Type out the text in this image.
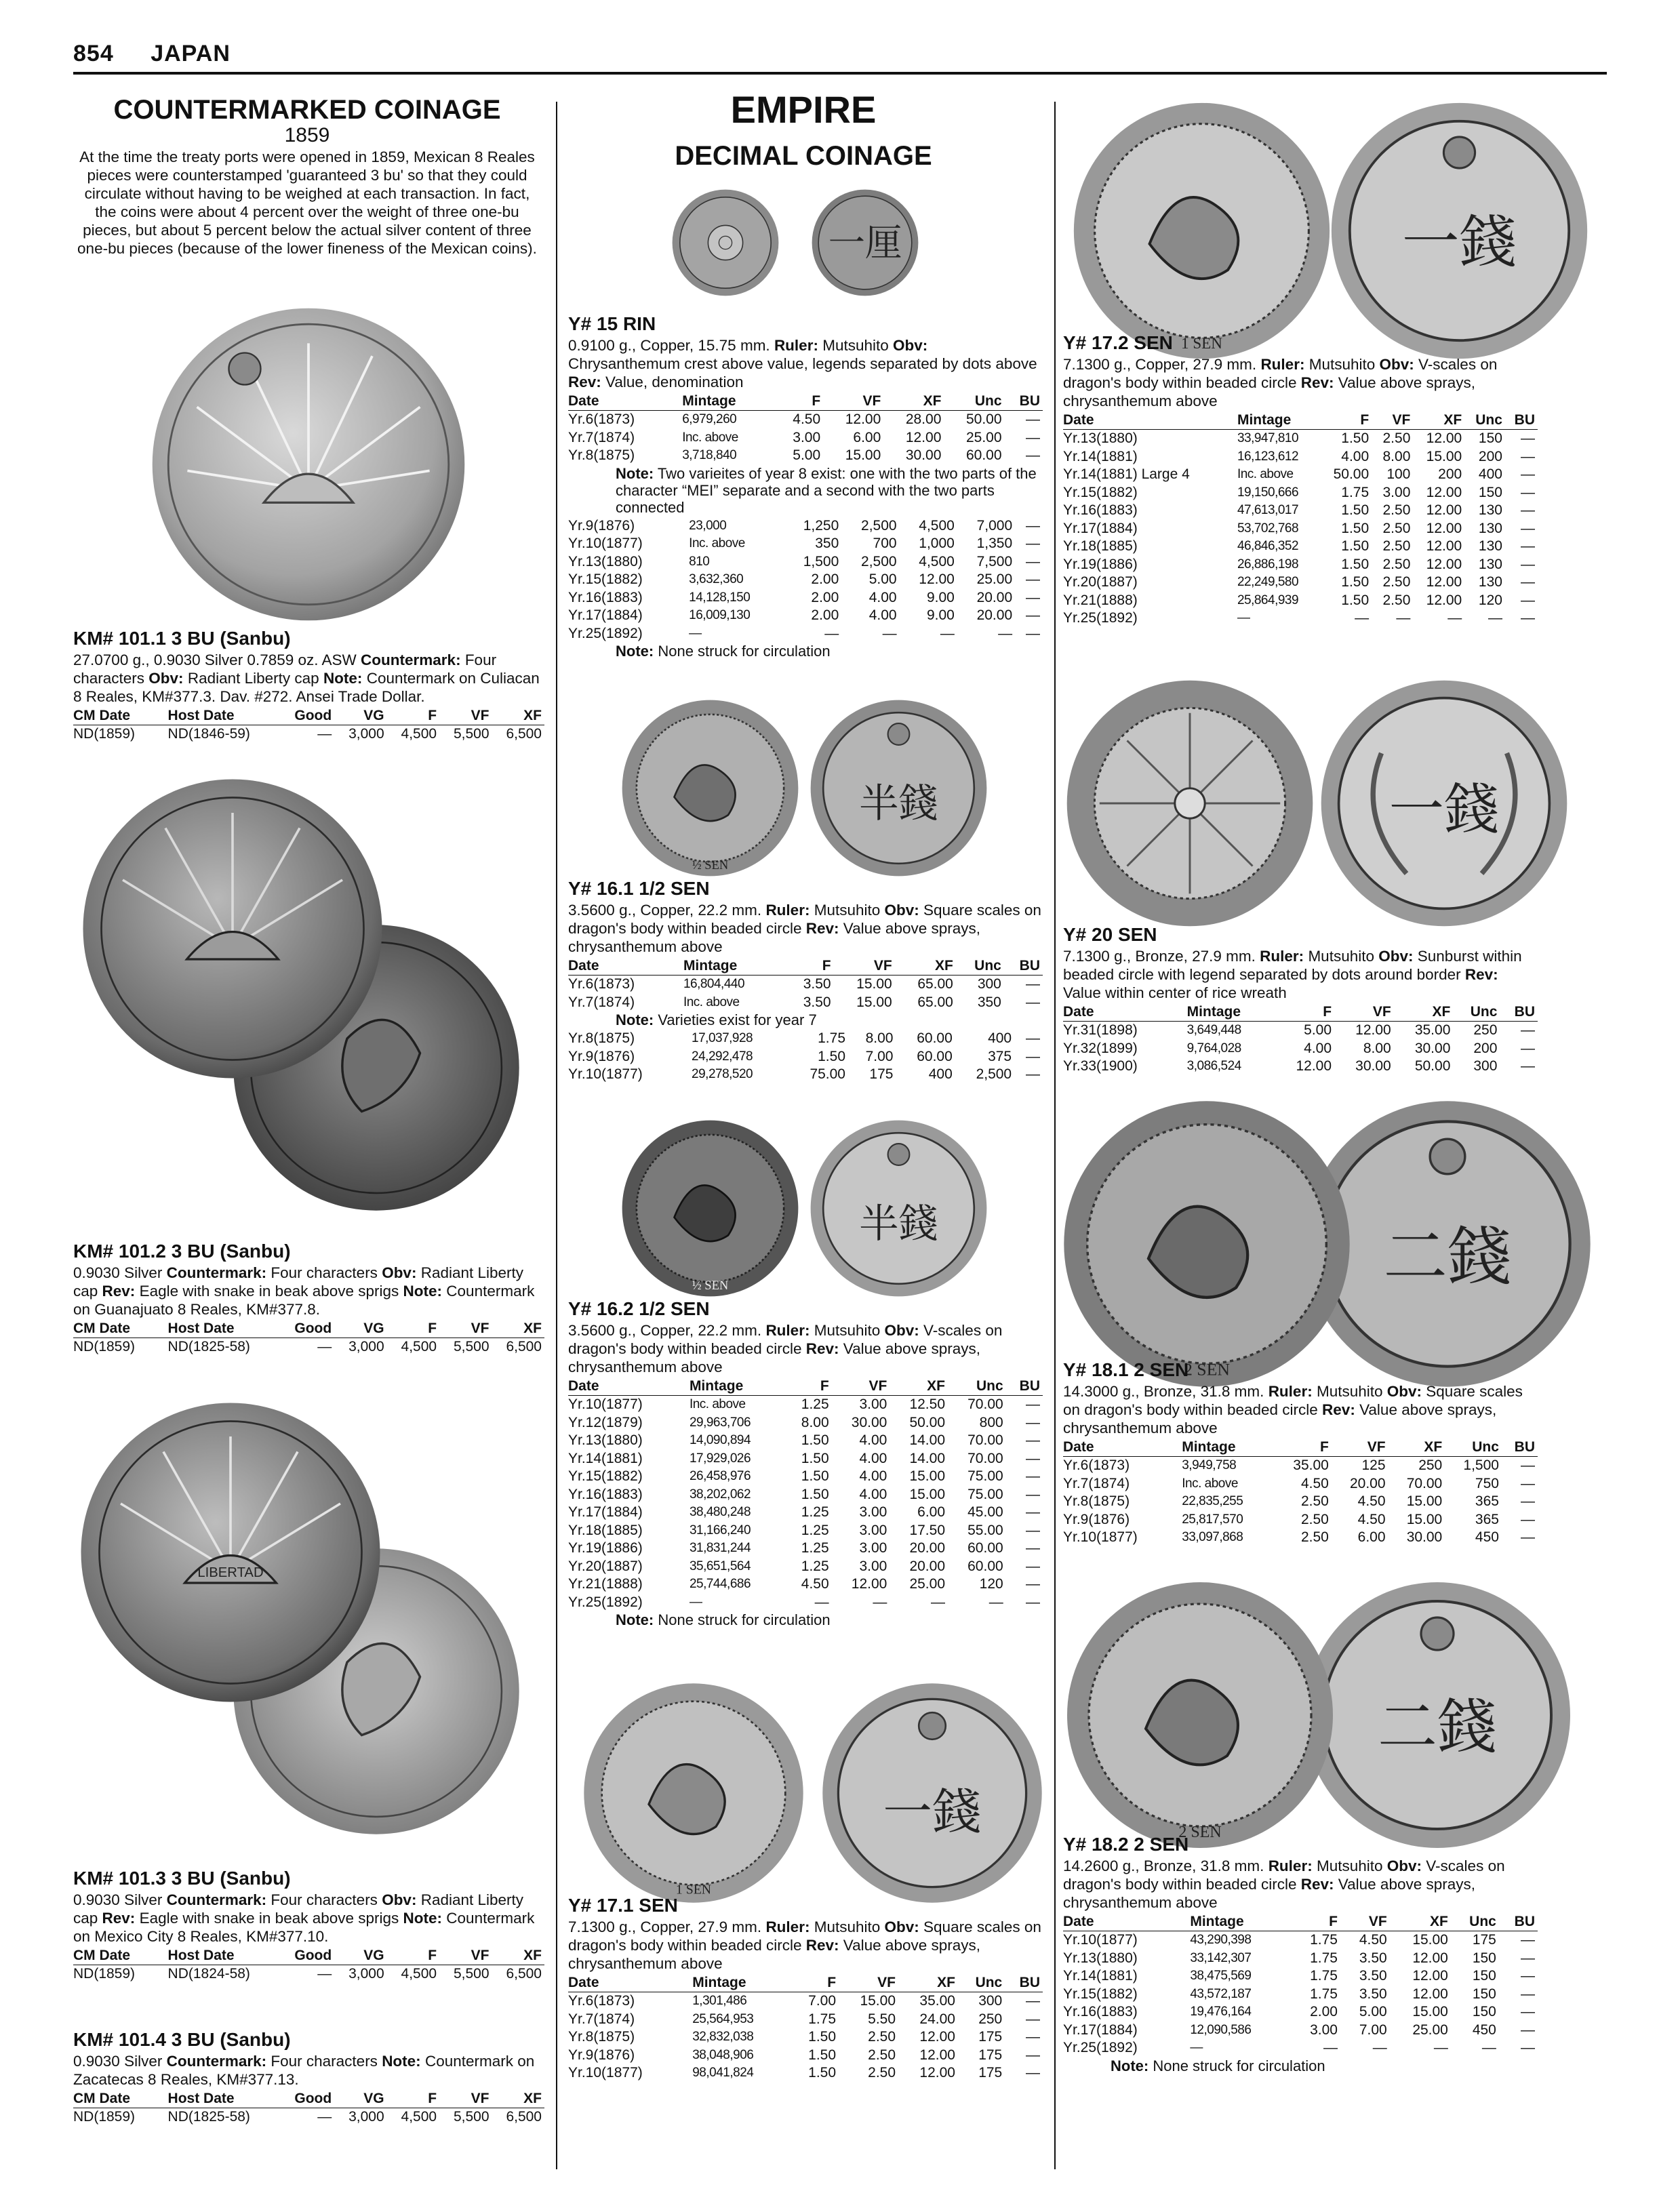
854 JAPAN
COUNTERMARKED COINAGE
1859
At the time the treaty ports were opened in 1859, Mexican 8 Reales pieces were counterstamped 'guaranteed 3 bu' so that they could circulate without having to be weighed at each transaction. In fact, the coins were about 4 percent over the weight of three one-bu pieces, but about 5 percent below the actual silver content of three one-bu pieces (because of the lower fineness of the Mexican coins).
KM# 101.1 3 BU (Sanbu)
27.0700 g., 0.9030 Silver 0.7859 oz. ASW Countermark: Four characters Obv: Radiant Liberty cap Note: Countermark on Culiacan 8 Reales, KM#377.3. Dav. #272. Ansei Trade Dollar.
CM Date	Host Date	Good	VG	F	VF	XF
ND(1859)	ND(1846-59)	—	3,000	4,500	5,500	6,500
KM# 101.2 3 BU (Sanbu)
0.9030 Silver Countermark: Four characters Obv: Radiant Liberty cap Rev: Eagle with snake in beak above sprigs Note: Countermark on Guanajuato 8 Reales, KM#377.8.
CM Date	Host Date	Good	VG	F	VF	XF
ND(1859)	ND(1825-58)	—	3,000	4,500	5,500	6,500
LIBERTAD
KM# 101.3 3 BU (Sanbu)
0.9030 Silver Countermark: Four characters Obv: Radiant Liberty cap Rev: Eagle with snake in beak above sprigs Note: Countermark on Mexico City 8 Reales, KM#377.10.
CM Date	Host Date	Good	VG	F	VF	XF
ND(1859)	ND(1824-58)	—	3,000	4,500	5,500	6,500
KM# 101.4 3 BU (Sanbu)
0.9030 Silver Countermark: Four characters Note: Countermark on Zacatecas 8 Reales, KM#377.13.
CM Date	Host Date	Good	VG	F	VF	XF
ND(1859)	ND(1825-58)	—	3,000	4,500	5,500	6,500
EMPIRE
DECIMAL COINAGE
一厘
Y# 15 RIN
0.9100 g., Copper, 15.75 mm. Ruler: Mutsuhito Obv: Chrysanthemum crest above value, legends separated by dots above Rev: Value, denomination
Date	Mintage	F	VF	XF	Unc	BU
Yr.6(1873)	6,979,260	4.50	12.00	28.00	50.00	—
Yr.7(1874)	Inc. above	3.00	6.00	12.00	25.00	—
Yr.8(1875)	3,718,840	5.00	15.00	30.00	60.00	—
Note: Two varieites of year 8 exist: one with the two parts of the character “MEI” separate and a second with the two parts connected
Yr.9(1876)	23,000	1,250	2,500	4,500	7,000	—
Yr.10(1877)	Inc. above	350	700	1,000	1,350	—
Yr.13(1880)	810	1,500	2,500	4,500	7,500	—
Yr.15(1882)	3,632,360	2.00	5.00	12.00	25.00	—
Yr.16(1883)	14,128,150	2.00	4.00	9.00	20.00	—
Yr.17(1884)	16,009,130	2.00	4.00	9.00	20.00	—
Yr.25(1892)	—	—	—	—	—	—
Note: None struck for circulation
½ SEN
半錢
Y# 16.1 1/2 SEN
3.5600 g., Copper, 22.2 mm. Ruler: Mutsuhito Obv: Square scales on dragon's body within beaded circle Rev: Value above sprays, chrysanthemum above
Date	Mintage	F	VF	XF	Unc	BU
Yr.6(1873)	16,804,440	3.50	15.00	65.00	300	—
Yr.7(1874)	Inc. above	3.50	15.00	65.00	350	—
Note: Varieties exist for year 7
Yr.8(1875)	17,037,928	1.75	8.00	60.00	400	—
Yr.9(1876)	24,292,478	1.50	7.00	60.00	375	—
Yr.10(1877)	29,278,520	75.00	175	400	2,500	—
½ SEN
半錢
Y# 16.2 1/2 SEN
3.5600 g., Copper, 22.2 mm. Ruler: Mutsuhito Obv: V-scales on dragon's body within beaded circle Rev: Value above sprays, chrysanthemum above
Date	Mintage	F	VF	XF	Unc	BU
Yr.10(1877)	Inc. above	1.25	3.00	12.50	70.00	—
Yr.12(1879)	29,963,706	8.00	30.00	50.00	800	—
Yr.13(1880)	14,090,894	1.50	4.00	14.00	70.00	—
Yr.14(1881)	17,929,026	1.50	4.00	14.00	70.00	—
Yr.15(1882)	26,458,976	1.50	4.00	15.00	75.00	—
Yr.16(1883)	38,202,062	1.50	4.00	15.00	75.00	—
Yr.17(1884)	38,480,248	1.25	3.00	6.00	45.00	—
Yr.18(1885)	31,166,240	1.25	3.00	17.50	55.00	—
Yr.19(1886)	31,831,244	1.25	3.00	20.00	60.00	—
Yr.20(1887)	35,651,564	1.25	3.00	20.00	60.00	—
Yr.21(1888)	25,744,686	4.50	12.00	25.00	120	—
Yr.25(1892)	—	—	—	—	—	—
Note: None struck for circulation
1 SEN
一錢
Y# 17.1 SEN
7.1300 g., Copper, 27.9 mm. Ruler: Mutsuhito Obv: Square scales on dragon's body within beaded circle Rev: Value above sprays, chrysanthemum above
Date	Mintage	F	VF	XF	Unc	BU
Yr.6(1873)	1,301,486	7.00	15.00	35.00	300	—
Yr.7(1874)	25,564,953	1.75	5.50	24.00	250	—
Yr.8(1875)	32,832,038	1.50	2.50	12.00	175	—
Yr.9(1876)	38,048,906	1.50	2.50	12.00	175	—
Yr.10(1877)	98,041,824	1.50	2.50	12.00	175	—
1 SEN
一錢
Y# 17.2 SEN
7.1300 g., Copper, 27.9 mm. Ruler: Mutsuhito Obv: V-scales on dragon's body within beaded circle Rev: Value above sprays, chrysanthemum above
Date	Mintage	F	VF	XF	Unc	BU
Yr.13(1880)	33,947,810	1.50	2.50	12.00	150	—
Yr.14(1881)	16,123,612	4.00	8.00	15.00	200	—
Yr.14(1881) Large 4	Inc. above	50.00	100	200	400	—
Yr.15(1882)	19,150,666	1.75	3.00	12.00	150	—
Yr.16(1883)	47,613,017	1.50	2.50	12.00	130	—
Yr.17(1884)	53,702,768	1.50	2.50	12.00	130	—
Yr.18(1885)	46,846,352	1.50	2.50	12.00	130	—
Yr.19(1886)	26,886,198	1.50	2.50	12.00	130	—
Yr.20(1887)	22,249,580	1.50	2.50	12.00	130	—
Yr.21(1888)	25,864,939	1.50	2.50	12.00	120	—
Yr.25(1892)	—	—	—	—	—	—
一錢
Y# 20 SEN
7.1300 g., Bronze, 27.9 mm. Ruler: Mutsuhito Obv: Sunburst within beaded circle with legend separated by dots around border Rev: Value within center of rice wreath
Date	Mintage	F	VF	XF	Unc	BU
Yr.31(1898)	3,649,448	5.00	12.00	35.00	250	—
Yr.32(1899)	9,764,028	4.00	8.00	30.00	200	—
Yr.33(1900)	3,086,524	12.00	30.00	50.00	300	—
二錢
2 SEN
Y# 18.1 2 SEN
14.3000 g., Bronze, 31.8 mm. Ruler: Mutsuhito Obv: Square scales on dragon's body within beaded circle Rev: Value above sprays, chrysanthemum above
Date	Mintage	F	VF	XF	Unc	BU
Yr.6(1873)	3,949,758	35.00	125	250	1,500	—
Yr.7(1874)	Inc. above	4.50	20.00	70.00	750	—
Yr.8(1875)	22,835,255	2.50	4.50	15.00	365	—
Yr.9(1876)	25,817,570	2.50	4.50	15.00	365	—
Yr.10(1877)	33,097,868	2.50	6.00	30.00	450	—
二錢
2 SEN
Y# 18.2 2 SEN
14.2600 g., Bronze, 31.8 mm. Ruler: Mutsuhito Obv: V-scales on dragon's body within beaded circle Rev: Value above sprays, chrysanthemum above
Date	Mintage	F	VF	XF	Unc	BU
Yr.10(1877)	43,290,398	1.75	4.50	15.00	175	—
Yr.13(1880)	33,142,307	1.75	3.50	12.00	150	—
Yr.14(1881)	38,475,569	1.75	3.50	12.00	150	—
Yr.15(1882)	43,572,187	1.75	3.50	12.00	150	—
Yr.16(1883)	19,476,164	2.00	5.00	15.00	150	—
Yr.17(1884)	12,090,586	3.00	7.00	25.00	450	—
Yr.25(1892)	—	—	—	—	—	—
Note: None struck for circulation
